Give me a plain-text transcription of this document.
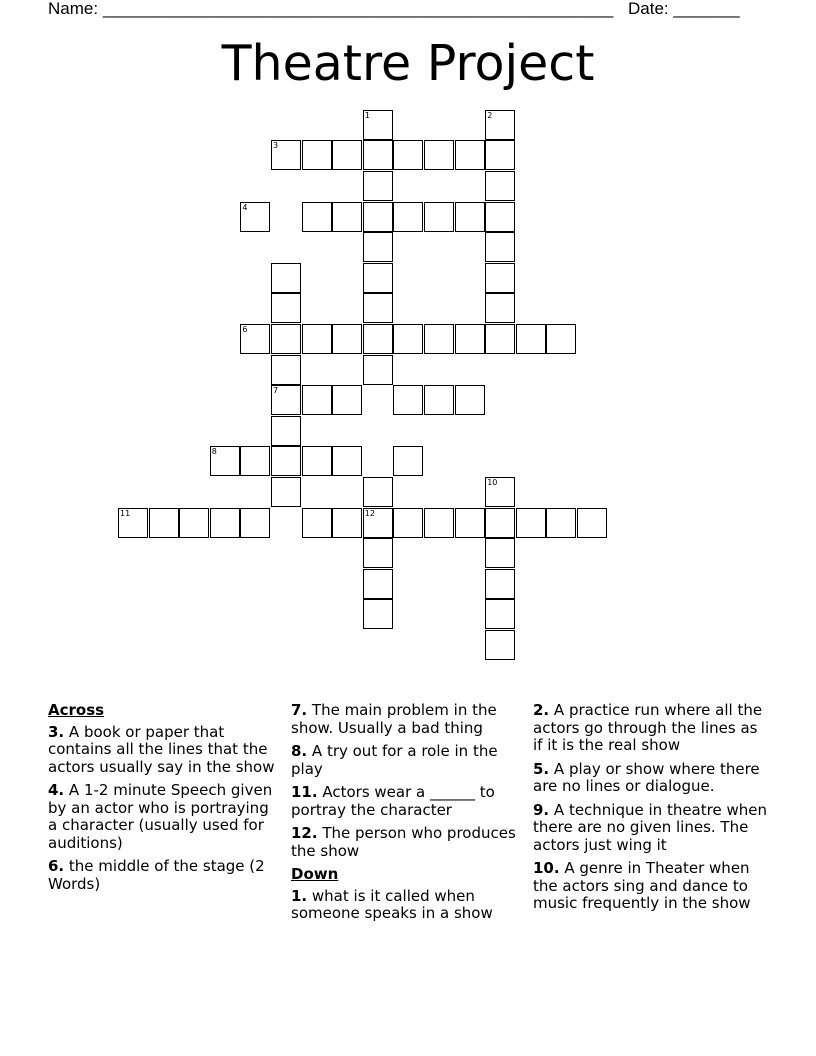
Name: ______________________________________________________ Date: _______
Theatre Project
1	2
7
12
10
3
4
6
8
11
Across
3. A book or paper that contains all the lines that the actors usually say in the show
4. A 1-2 minute Speech given by an actor who is portraying a character (usually used for auditions)
6. the middle of the stage (2 Words)
7. The main problem in the show. Usually a bad thing
8. A try out for a role in the play
11. Actors wear a ______ to portray the character
12. The person who produces the show
Down
1. what is it called when someone speaks in a show
2. A practice run where all the actors go through the lines as if it is the real show
5. A play or show where there are no lines or dialogue.
9. A technique in theatre when there are no given lines. The actors just wing it
10. A genre in Theater when the actors sing and dance to music frequently in the show
